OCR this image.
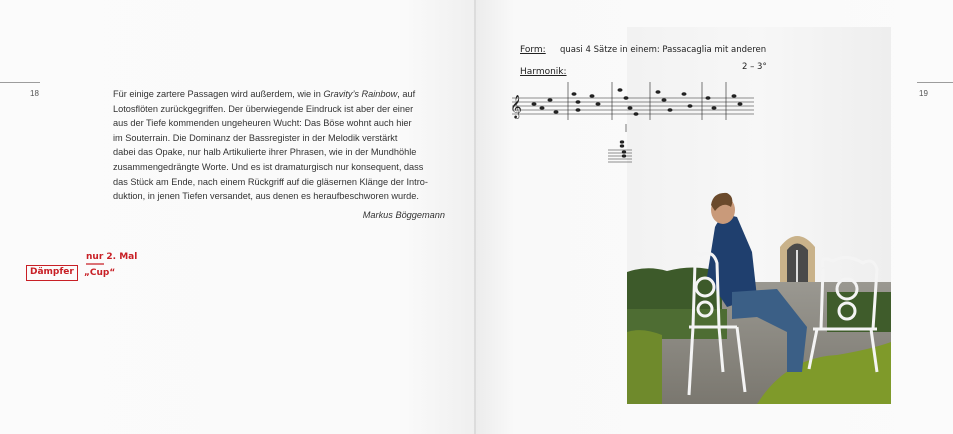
18	Für einige zartere Passagen wird außerdem, wie in Gravity’s Rainbow, auf

Lotosflöten zurückgegriffen. Der überwiegende Eindruck ist aber der einer

aus der Tiefe kommenden ungeheuren Wucht: Das Böse wohnt auch hier

im Souterrain. Die Dominanz der Bassregister in der Melodik verstärkt

dabei das Opake, nur halb Artikulierte ihrer Phrasen, wie in der Mundhöhle

zusammengedrängte Worte. Und es ist dramaturgisch nur konsequent, dass

das Stück am Ende, nach einem Rückgriff auf die gläsernen Klänge der Intro-

duktion, in jenen Tiefen versandet, aus denen es heraufbeschworen wurde.

Markus Böggemann
Dämpfer
nur 2. Mal
„Cup“
19
Form: quasi 4 Sätze in einem: Passacaglia mit anderen
2 – 3°
Harmonik:
𝄞
